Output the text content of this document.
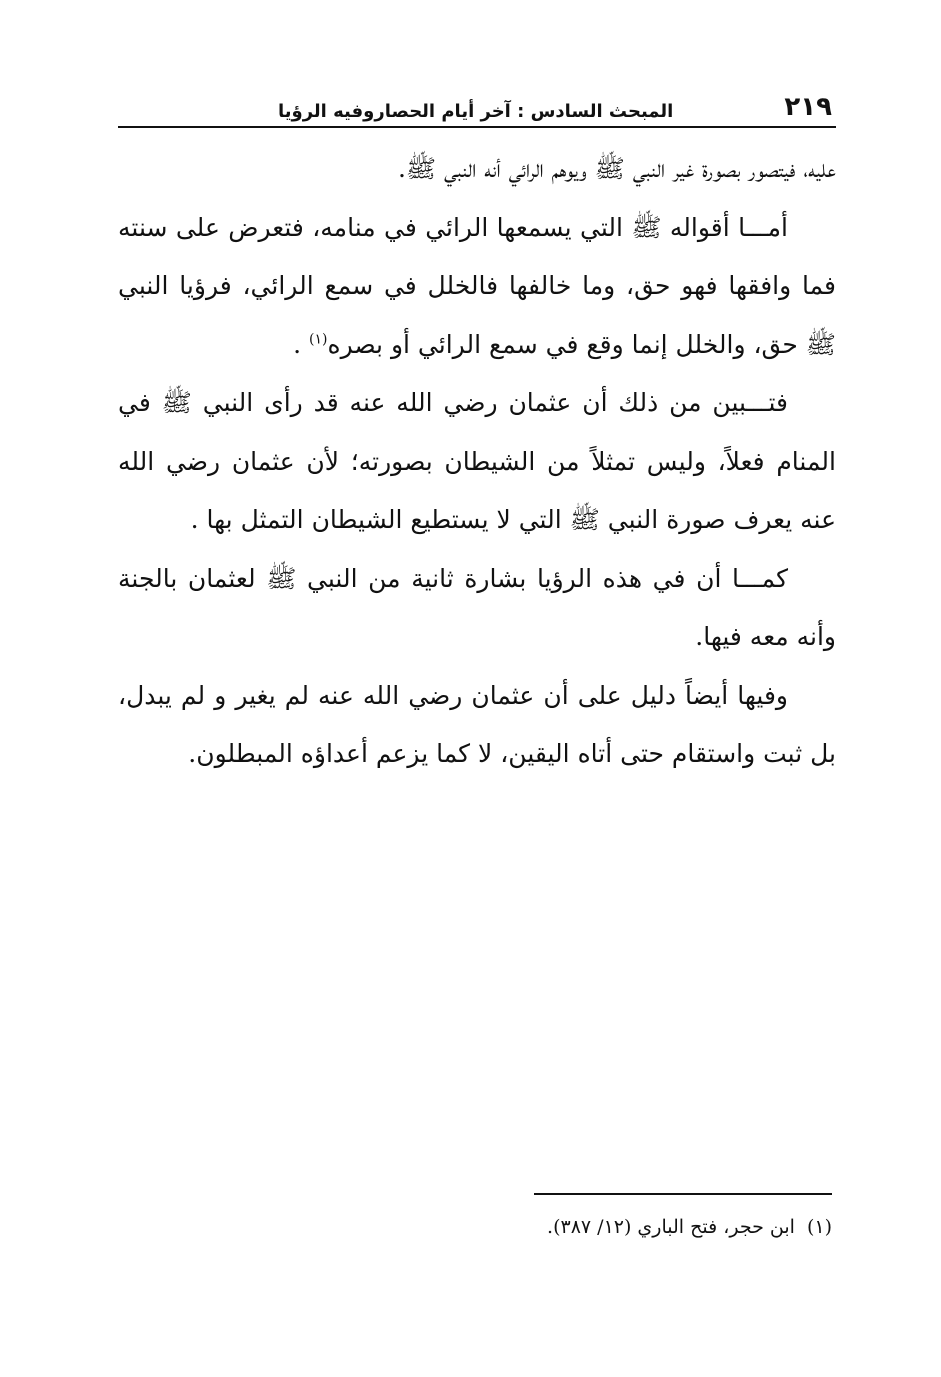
٢١٩
المبحث السادس : آخر أيام الحصاروفيه الرؤيا

عليه، فيتصور بصورة غير النبي ﷺ ويوهم الرائي أنه النبي ﷺ.

أمـــا أقواله ﷺ التي يسمعها الرائي في منامه، فتعرض على سنته فما وافقها فهو حق، وما خالفها فالخلل في سمع الرائي، فرؤيا النبي ﷺ حق، والخلل إنما وقع في سمع الرائي أو بصره$^{(١)}$ .

فتـــبين من ذلك أن عثمان رضي الله عنه قد رأى النبي ﷺ في المنام فعلاً، وليس تمثلاً من الشيطان بصورته؛ لأن عثمان رضي الله عنه يعرف صورة النبي ﷺ التي لا يستطيع الشيطان التمثل بها .

كمـــا أن في هذه الرؤيا بشارة ثانية من النبي ﷺ لعثمان بالجنة وأنه معه فيها.

وفيها أيضاً دليل على أن عثمان رضي الله عنه لم يغير و لم يبدل، بل ثبت واستقام حتى أتاه اليقين، لا كما يزعم أعداؤه المبطلون.

(١)ابن حجر، فتح الباري (١٢/ ٣٨٧).
